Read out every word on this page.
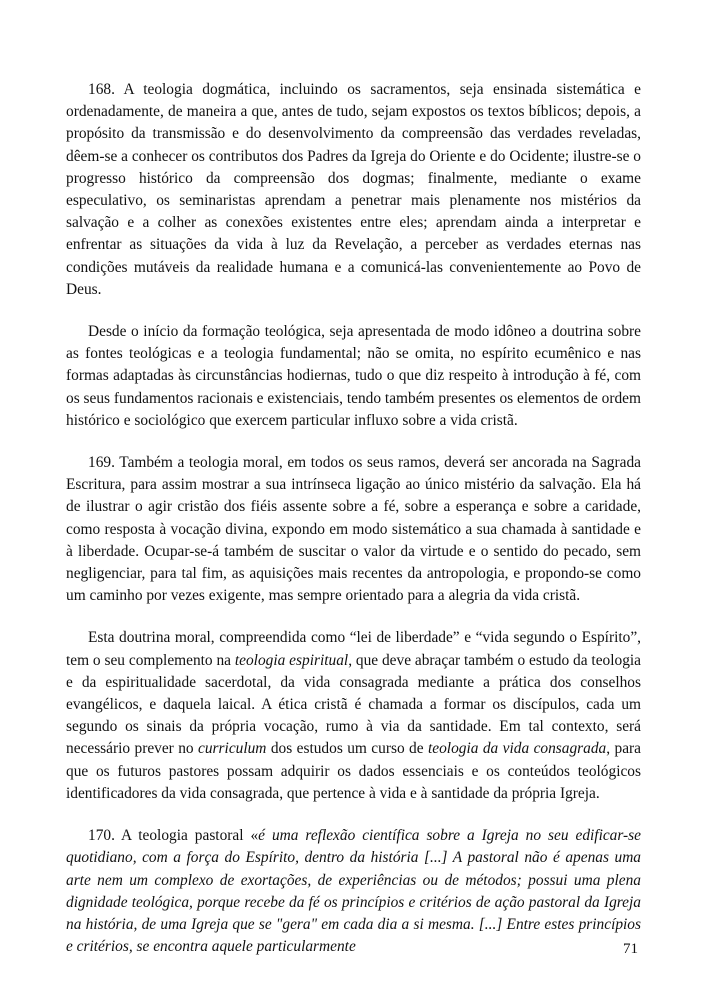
168. A teologia dogmática, incluindo os sacramentos, seja ensinada sistemática e ordenadamente, de maneira a que, antes de tudo, sejam expostos os textos bíblicos; depois, a propósito da transmissão e do desenvolvimento da compreensão das verdades reveladas, dêem-se a conhecer os contributos dos Padres da Igreja do Oriente e do Ocidente; ilustre-se o progresso histórico da compreensão dos dogmas; finalmente, mediante o exame especulativo, os seminaristas aprendam a penetrar mais plenamente nos mistérios da salvação e a colher as conexões existentes entre eles; aprendam ainda a interpretar e enfrentar as situações da vida à luz da Revelação, a perceber as verdades eternas nas condições mutáveis da realidade humana e a comunicá-las convenientemente ao Povo de Deus.

Desde o início da formação teológica, seja apresentada de modo idôneo a doutrina sobre as fontes teológicas e a teologia fundamental; não se omita, no espírito ecumênico e nas formas adaptadas às circunstâncias hodiernas, tudo o que diz respeito à introdução à fé, com os seus fundamentos racionais e existenciais, tendo também presentes os elementos de ordem histórico e sociológico que exercem particular influxo sobre a vida cristã.

169. Também a teologia moral, em todos os seus ramos, deverá ser ancorada na Sagrada Escritura, para assim mostrar a sua intrínseca ligação ao único mistério da salvação. Ela há de ilustrar o agir cristão dos fiéis assente sobre a fé, sobre a esperança e sobre a caridade, como resposta à vocação divina, expondo em modo sistemático a sua chamada à santidade e à liberdade. Ocupar-se-á também de suscitar o valor da virtude e o sentido do pecado, sem negligenciar, para tal fim, as aquisições mais recentes da antropologia, e propondo-se como um caminho por vezes exigente, mas sempre orientado para a alegria da vida cristã.

Esta doutrina moral, compreendida como “lei de liberdade” e “vida segundo o Espírito”, tem o seu complemento na teologia espiritual, que deve abraçar também o estudo da teologia e da espiritualidade sacerdotal, da vida consagrada mediante a prática dos conselhos evangélicos, e daquela laical. A ética cristã é chamada a formar os discípulos, cada um segundo os sinais da própria vocação, rumo à via da santidade. Em tal contexto, será necessário prever no curriculum dos estudos um curso de teologia da vida consagrada, para que os futuros pastores possam adquirir os dados essenciais e os conteúdos teológicos identificadores da vida consagrada, que pertence à vida e à santidade da própria Igreja.

170. A teologia pastoral «é uma reflexão científica sobre a Igreja no seu edificar-se quotidiano, com a força do Espírito, dentro da história [...] A pastoral não é apenas uma arte nem um complexo de exortações, de experiências ou de métodos; possui uma plena dignidade teológica, porque recebe da fé os princípios e critérios de ação pastoral da Igreja na história, de uma Igreja que se "gera" em cada dia a si mesma. [...] Entre estes princípios e critérios, se encontra aquele particularmente	71
